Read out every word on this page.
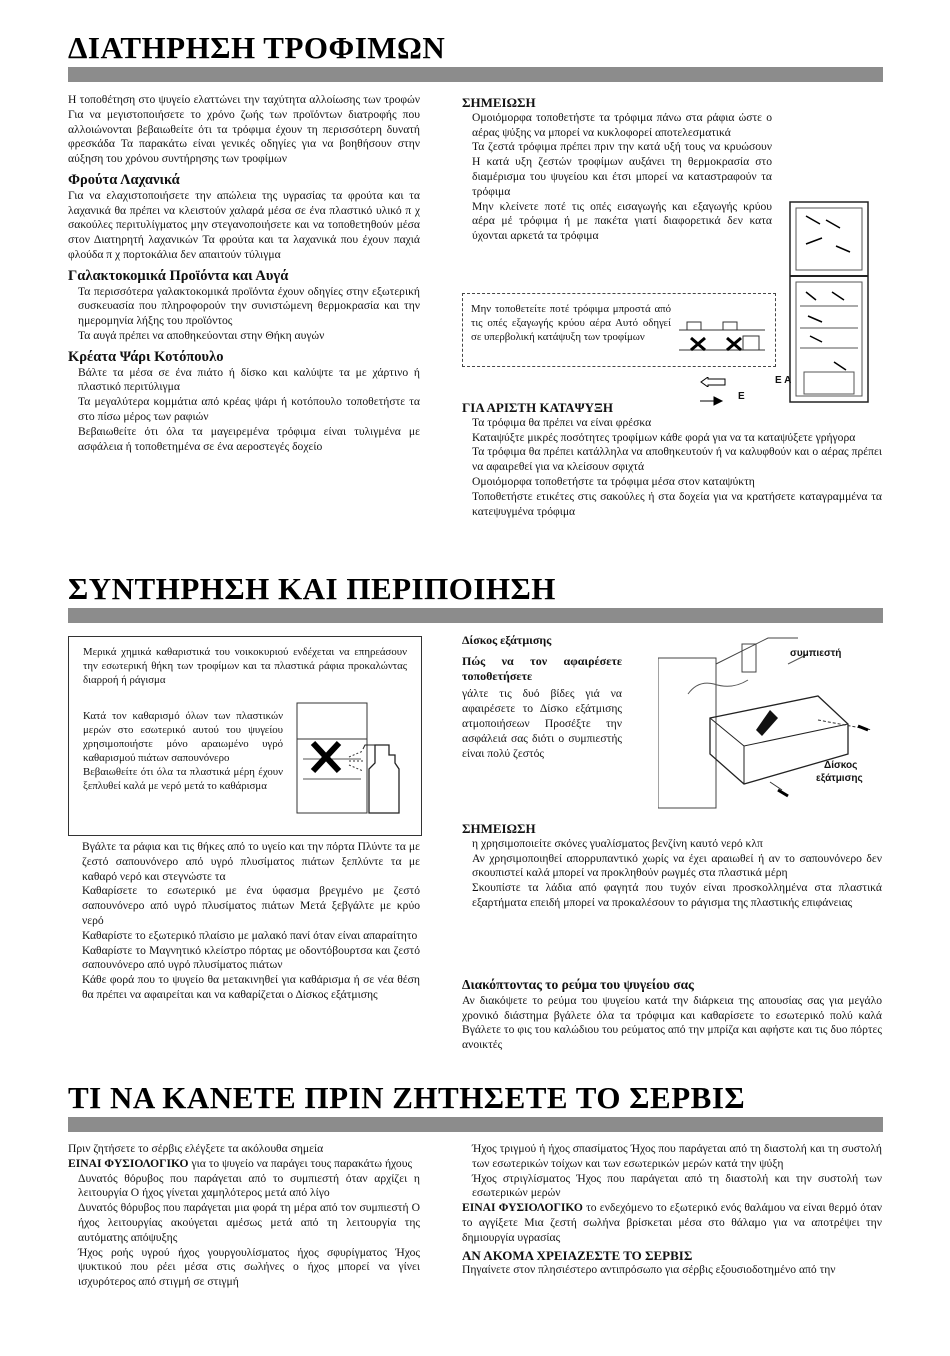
ΔΙΑΤΗΡΗΣΗ ΤΡΟΦΙΜΩΝ

Η τοποθέτηση στο ψυγείο ελαττώνει την ταχύτητα αλλοίωσης των τροφών Για να μεγιστοποιήσετε το χρόνο ζωής των προϊόντων διατροφής που αλλοιώνονται βεβαιωθείτε ότι τα τρόφιμα έχουν τη περισσότερη δυνατή φρεσκάδα Τα παρακάτω είναι γενικές οδηγίες για να βοηθήσουν στην αύξηση του χρόνου συντήρησης των τροφίμων

Φρούτα Λαχανικά

Για να ελαχιστοποιήσετε την απώλεια της υγρασίας τα φρούτα και τα λαχανικά θα πρέπει να κλειστούν χαλαρά μέσα σε ένα πλαστικό υλικό π χ σακούλες περιτυλίγματος μην στεγανοποιήσετε και να τοποθετηθούν μέσα στον Διατηρητή λαχανικών Τα φρούτα και τα λαχανικά που έχουν παχιά φλούδα π χ πορτοκάλια δεν απαιτούν τύλιγμα

Γαλακτοκομικά Προϊόντα και Αυγά

Τα περισσότερα γαλακτοκομικά προϊόντα έχουν οδηγίες στην εξωτερική συσκευασία που πληροφορούν την συνιστώμενη θερμοκρασία και την ημερομηνία λήξης του προϊόντος

Τα αυγά πρέπει να αποθηκεύονται στην Θήκη αυγών

Κρέατα Ψάρι Κοτόπουλο

Βάλτε τα μέσα σε ένα πιάτο ή δίσκο και καλύψτε τα με χάρτινο ή πλαστικό περιτύλιγμα

Τα μεγαλύτερα κομμάτια από κρέας ψάρι ή κοτόπουλο τοποθετήστε τα στο πίσω μέρος των ραφιών

Βεβαιωθείτε ότι όλα τα μαγειρεμένα τρόφιμα είναι τυλιγμένα με ασφάλεια ή τοποθετημένα σε ένα αεροστεγές δοχείο

ΣΗΜΕΙΩΣΗ

Ομοιόμορφα τοποθετήστε τα τρόφιμα πάνω στα ράφια ώστε ο αέρας ψύξης να μπορεί να κυκλοφορεί αποτελεσματικά

Τα ζεστά τρόφιμα πρέπει πριν την κατά υξή τους να κρυώσουν Η κατά υξη ζεστών τροφίμων αυξάνει τη θερμοκρασία στο διαμέρισμα του ψυγείου και έτσι μπορεί να καταστραφούν τα τρόφιμα

Μην κλείνετε ποτέ τις οπές εισαγωγής και εξαγωγής κρύου αέρα μέ τρόφιμα ή με πακέτα γιατί διαφορετικά δεν κατα ύχονται αρκετά τα τρόφιμα

Μην τοποθετείτε ποτέ τρόφιμα μπροστά από τις οπές εξαγωγής κρύου αέρα Αυτό οδηγεί σε υπερβολική κατάψυξη των τροφίμων
Ε Α
Ε

ΓΙΑ ΑΡΙΣΤΗ ΚΑΤΑΨΥΞΗ

Τα τρόφιμα θα πρέπει να είναι φρέσκα

Καταψύξτε μικρές ποσότητες τροφίμων κάθε φορά για να τα καταψύξετε γρήγορα

Τα τρόφιμα θα πρέπει κατάλληλα να αποθηκευτούν ή να καλυφθούν και ο αέρας πρέπει να αφαιρεθεί για να κλείσουν σφιχτά

Ομοιόμορφα τοποθετήστε τα τρόφιμα μέσα στον καταψύκτη

Τοποθετήστε ετικέτες στις σακούλες ή στα δοχεία για να κρατήσετε καταγραμμένα τα κατεψυγμένα τρόφιμα

ΣΥΝΤΗΡΗΣΗ ΚΑΙ ΠΕΡΙΠΟΙΗΣΗ
Μερικά χημικά καθαριστικά του νοικοκυριού ενδέχεται να επηρεάσουν την εσωτερική θήκη των τροφίμων και τα πλαστικά ράφια προκαλώντας διαρροή ή ράγισμα

Κατά τον καθαρισμό όλων των πλαστικών μερών στο εσωτερικό αυτού του ψυγείου χρησιμοποιήστε μόνο αραιωμένο υγρό καθαρισμού πιάτων σαπουνόνερο

Βεβαιωθείτε ότι όλα τα πλαστικά μέρη έχουν ξεπλυθεί καλά με νερό μετά το καθάρισμα

Δίσκος εξάτμισης

Πώς να τον αφαιρέσετε τοποθετήσετε

γάλτε τις δυό βίδες γιά να αφαιρέσετε το Δίσκο εξάτμισης ατμοποιήσεων Προσέξτε την ασφάλειά σας διότι ο συμπιεστής είναι πολύ ζεστός

συμπιεστή
Δίσκος
εξάτμισης

Βγάλτε τα ράφια και τις θήκες από το υγείο και την πόρτα Πλύντε τα με ζεστό σαπουνόνερο από υγρό πλυσίματος πιάτων ξεπλύντε τα με καθαρό νερό και στεγνώστε τα

Καθαρίσετε το εσωτερικό με ένα ύφασμα βρεγμένο με ζεστό σαπουνόνερο από υγρό πλυσίματος πιάτων Μετά ξεβγάλτε με κρύο νερό

Καθαρίστε το εξωτερικό πλαίσιο με μαλακό πανί όταν είναι απαραίτητο

Καθαρίστε το Μαγνητικό κλείστρο πόρτας με οδοντόβουρτσα και ζεστό σαπουνόνερο από υγρό πλυσίματος πιάτων

Κάθε φορά που το ψυγείο θα μετακινηθεί για καθάρισμα ή σε νέα θέση θα πρέπει να αφαιρείται και να καθαρίζεται ο Δίσκος εξάτμισης

ΣΗΜΕΙΩΣΗ

η χρησιμοποιείτε σκόνες γυαλίσματος βενζίνη καυτό νερό κλπ

Αν χρησιμοποιηθεί απορρυπαντικό χωρίς να έχει αραιωθεί ή αν το σαπουνόνερο δεν σκουπιστεί καλά μπορεί να προκληθούν ρωγμές στα πλαστικά μέρη

Σκουπίστε τα λάδια από φαγητά που τυχόν είναι προσκολλημένα στα πλαστικά εξαρτήματα επειδή μπορεί να προκαλέσουν το ράγισμα της πλαστικής επιφάνειας

Διακόπτοντας το ρεύμα του ψυγείου σας

Αν διακόψετε το ρεύμα του ψυγείου κατά την διάρκεια της απουσίας σας για μεγάλο χρονικό διάστημα βγάλετε όλα τα τρόφιμα και καθαρίσετε το εσωτερικό πολύ καλά Βγάλετε το φις του καλώδιου του ρεύματος από την μπρίζα και αφήστε και τις δυο πόρτες ανοικτές

ΤΙ ΝΑ ΚΑΝΕΤΕ ΠΡΙΝ ΖΗΤΗΣΕΤΕ ΤΟ ΣΕΡΒΙΣ

Πριν ζητήσετε το σέρβις ελέγξετε τα ακόλουθα σημεία

ΕΙΝΑΙ ΦΥΣΙΟΛΟΓΙΚΟ για το ψυγείο να παράγει τους παρακάτω ήχους

Δυνατός θόρυβος που παράγεται από το συμπιεστή όταν αρχίζει η λειτουργία Ο ήχος γίνεται χαμηλότερος μετά από λίγο

Δυνατός θόρυβος που παράγεται μια φορά τη μέρα από τον συμπιεστή Ο ήχος λειτουργίας ακούγεται αμέσως μετά από τη λειτουργία της αυτόματης απόψυξης

Ήχος ροής υγρού ήχος γουργουλίσματος ήχος σφυρίγματος Ήχος ψυκτικού που ρέει μέσα στις σωλήνες ο ήχος μπορεί να γίνει ισχυρότερος από στιγμή σε στιγμή

Ήχος τριγμού ή ήχος σπασίματος Ήχος που παράγεται από τη διαστολή και τη συστολή των εσωτερικών τοίχων και των εσωτερικών μερών κατά την ψύξη

Ήχος στριγλίσματος Ήχος που παράγεται από τη διαστολή και την συστολή των εσωτερικών μερών

ΕΙΝΑΙ ΦΥΣΙΟΛΟΓΙΚΟ το ενδεχόμενο το εξωτερικό ενός θαλάμου να είναι θερμό όταν το αγγίξετε Μια ζεστή σωλήνα βρίσκεται μέσα στο θάλαμο για να αποτρέψει την δημιουργία υγρασίας

ΑΝ ΑΚΟΜΑ ΧΡΕΙΑΖΕΣΤΕ ΤΟ ΣΕΡΒΙΣ

Πηγαίνετε στον πλησιέστερο αντιπρόσωπο για σέρβις εξουσιοδοτημένο από την
